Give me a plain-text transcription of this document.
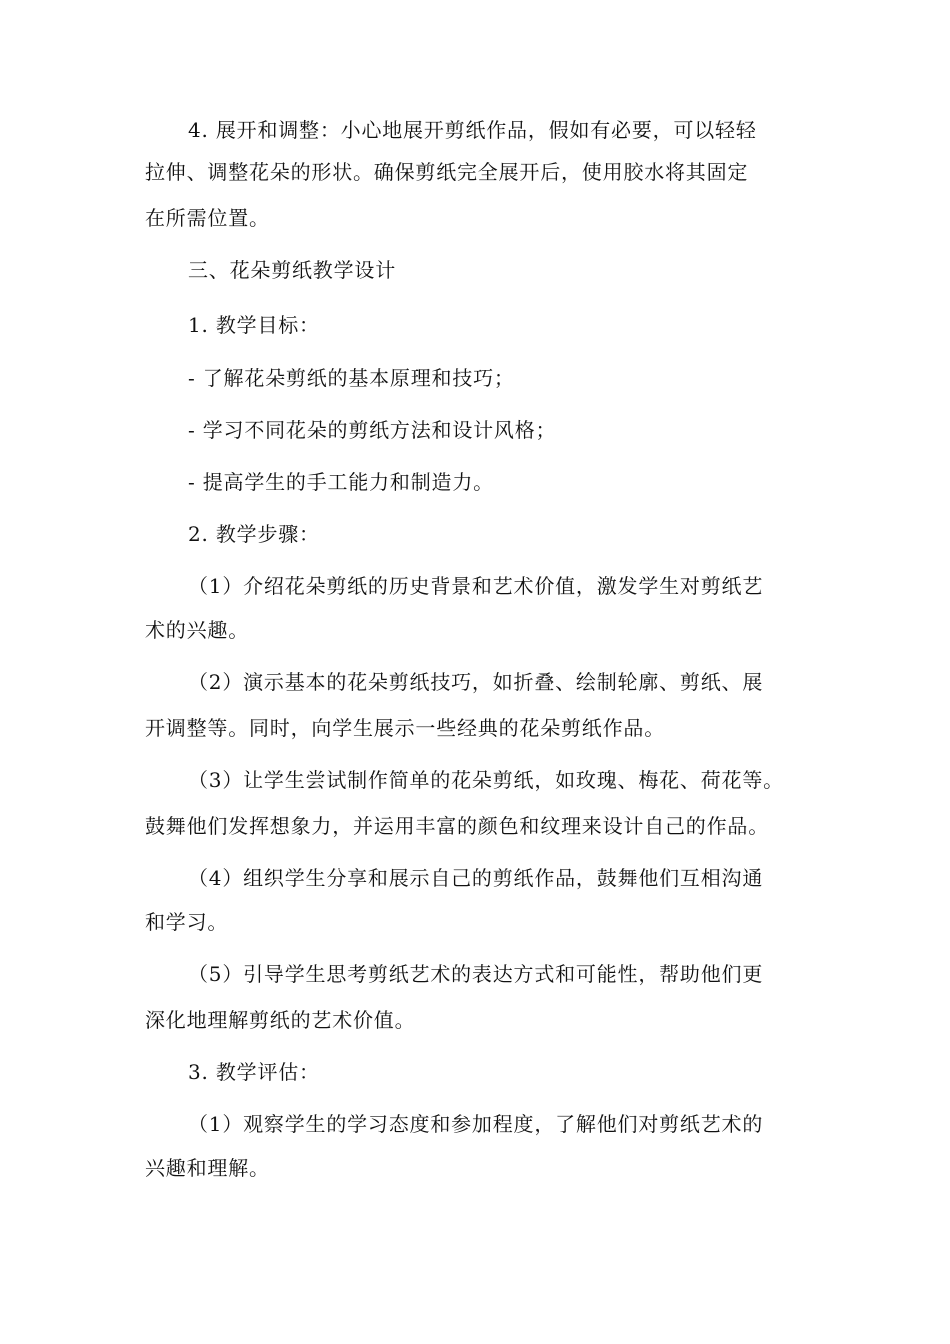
4. 展开和调整：小心地展开剪纸作品，假如有必要，可以轻轻
拉伸、调整花朵的形状。确保剪纸完全展开后，使用胶水将其固定
在所需位置。
三、花朵剪纸教学设计
1. 教学目标：
- 了解花朵剪纸的基本原理和技巧；
- 学习不同花朵的剪纸方法和设计风格；
- 提高学生的手工能力和制造力。
2. 教学步骤：
（1）介绍花朵剪纸的历史背景和艺术价值，激发学生对剪纸艺
术的兴趣。
（2）演示基本的花朵剪纸技巧，如折叠、绘制轮廓、剪纸、展
开调整等。同时，向学生展示一些经典的花朵剪纸作品。
（3）让学生尝试制作简单的花朵剪纸，如玫瑰、梅花、荷花等。
鼓舞他们发挥想象力，并运用丰富的颜色和纹理来设计自己的作品。
（4）组织学生分享和展示自己的剪纸作品，鼓舞他们互相沟通
和学习。
（5）引导学生思考剪纸艺术的表达方式和可能性，帮助他们更
深化地理解剪纸的艺术价值。
3. 教学评估：
（1）观察学生的学习态度和参加程度，了解他们对剪纸艺术的
兴趣和理解。
